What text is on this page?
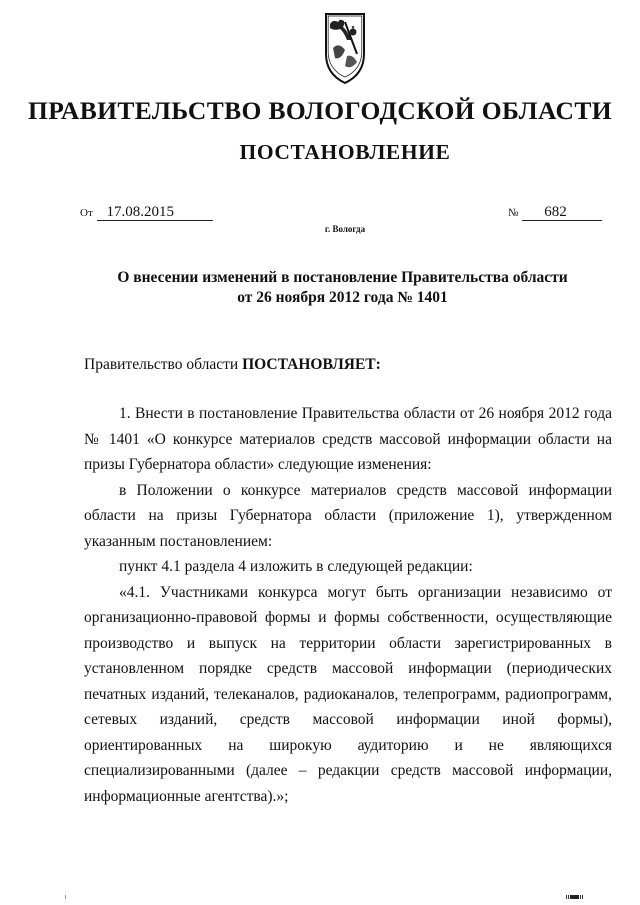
ПРАВИТЕЛЬСТВО ВОЛОГОДСКОЙ ОБЛАСТИ
ПОСТАНОВЛЕНИЕ
От 17.08.2015	№ 682
г. Вологда
О внесении изменений в постановление Правительства области
от 26 ноября 2012 года № 1401
Правительство области ПОСТАНОВЛЯЕТ:

1. Внести в постановление Правительства области от 26 ноября 2012 года № 1401 «О конкурсе материалов средств массовой информации области на призы Губернатора области» следующие изменения:

в Положении о конкурсе материалов средств массовой информации области на призы Губернатора области (приложение 1), утвержденном указанным постановлением:

пункт 4.1 раздела 4 изложить в следующей редакции:

«4.1. Участниками конкурса могут быть организации независимо от организационно-правовой формы и формы собственности, осуществляющие производство и выпуск на территории области зарегистрированных в установленном порядке средств массовой информации (периодических печатных изданий, телеканалов, радиоканалов, телепрограмм, радиопрограмм, сетевых изданий, средств массовой информации иной формы), ориентированных на широкую аудиторию и не являющихся специализированными (далее – редакции средств массовой информации, информационные агентства).»;
